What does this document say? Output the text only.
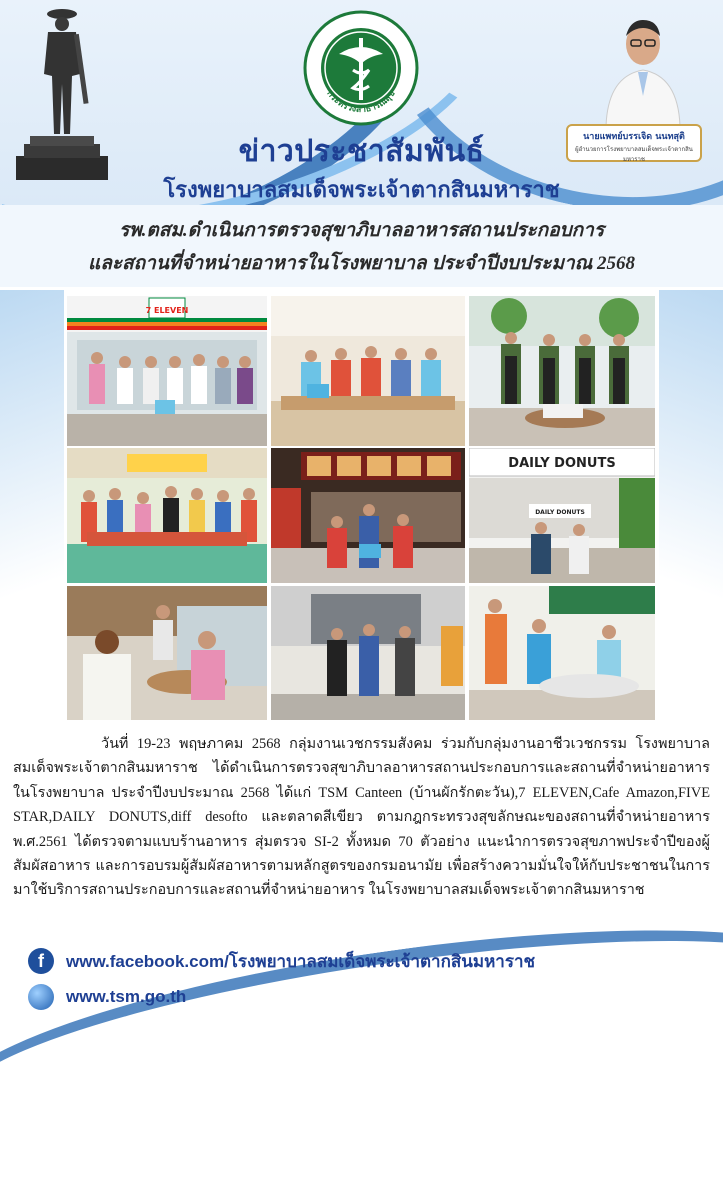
กระทรวงสาธารณสุข
นายแพทย์บรรเจิด นนทสุติ
ผู้อำนวยการโรงพยาบาลสมเด็จพระเจ้าตากสินมหาราช
ข่าวประชาสัมพันธ์
โรงพยาบาลสมเด็จพระเจ้าตากสินมหาราช
รพ.ตสม.ดำเนินการตรวจสุขาภิบาลอาหารสถานประกอบการ
และสถานที่จำหน่ายอาหารในโรงพยาบาล ประจำปีงบประมาณ 2568
7 ELEVEN
DAILY DONUTS
DAILY DONUTS

วันที่ 19-23 พฤษภาคม 2568 กลุ่มงานเวชกรรมสังคม ร่วมกับกลุ่มงานอาชีวเวชกรรม โรงพยาบาลสมเด็จพระเจ้าตากสินมหาราช ได้ดำเนินการตรวจสุขาภิบาลอาหารสถานประกอบการและสถานที่จำหน่ายอาหารในโรงพยาบาล ประจำปีงบประมาณ 2568 ได้แก่ TSM Canteen (บ้านผักรักตะวัน),7 ELEVEN,Cafe Amazon,FIVE STAR,DAILY DONUTS,diff desofto และตลาดสีเขียว ตามกฎกระทรวงสุขลักษณะของสถานที่จำหน่ายอาหาร พ.ศ.2561 ได้ตรวจตามแบบร้านอาหาร สุ่มตรวจ SI-2 ทั้งหมด 70 ตัวอย่าง แนะนำการตรวจสุขภาพประจำปีของผู้สัมผัสอาหาร และการอบรมผู้สัมผัสอาหารตามหลักสูตรของกรมอนามัย เพื่อสร้างความมั่นใจให้กับประชาชนในการมาใช้บริการสถานประกอบการและสถานที่จำหน่ายอาหาร ในโรงพยาบาลสมเด็จพระเจ้าตากสินมหาราช

f	www.facebook.com/โรงพยาบาลสมเด็จพระเจ้าตากสินมหาราช
www.tsm.go.th
